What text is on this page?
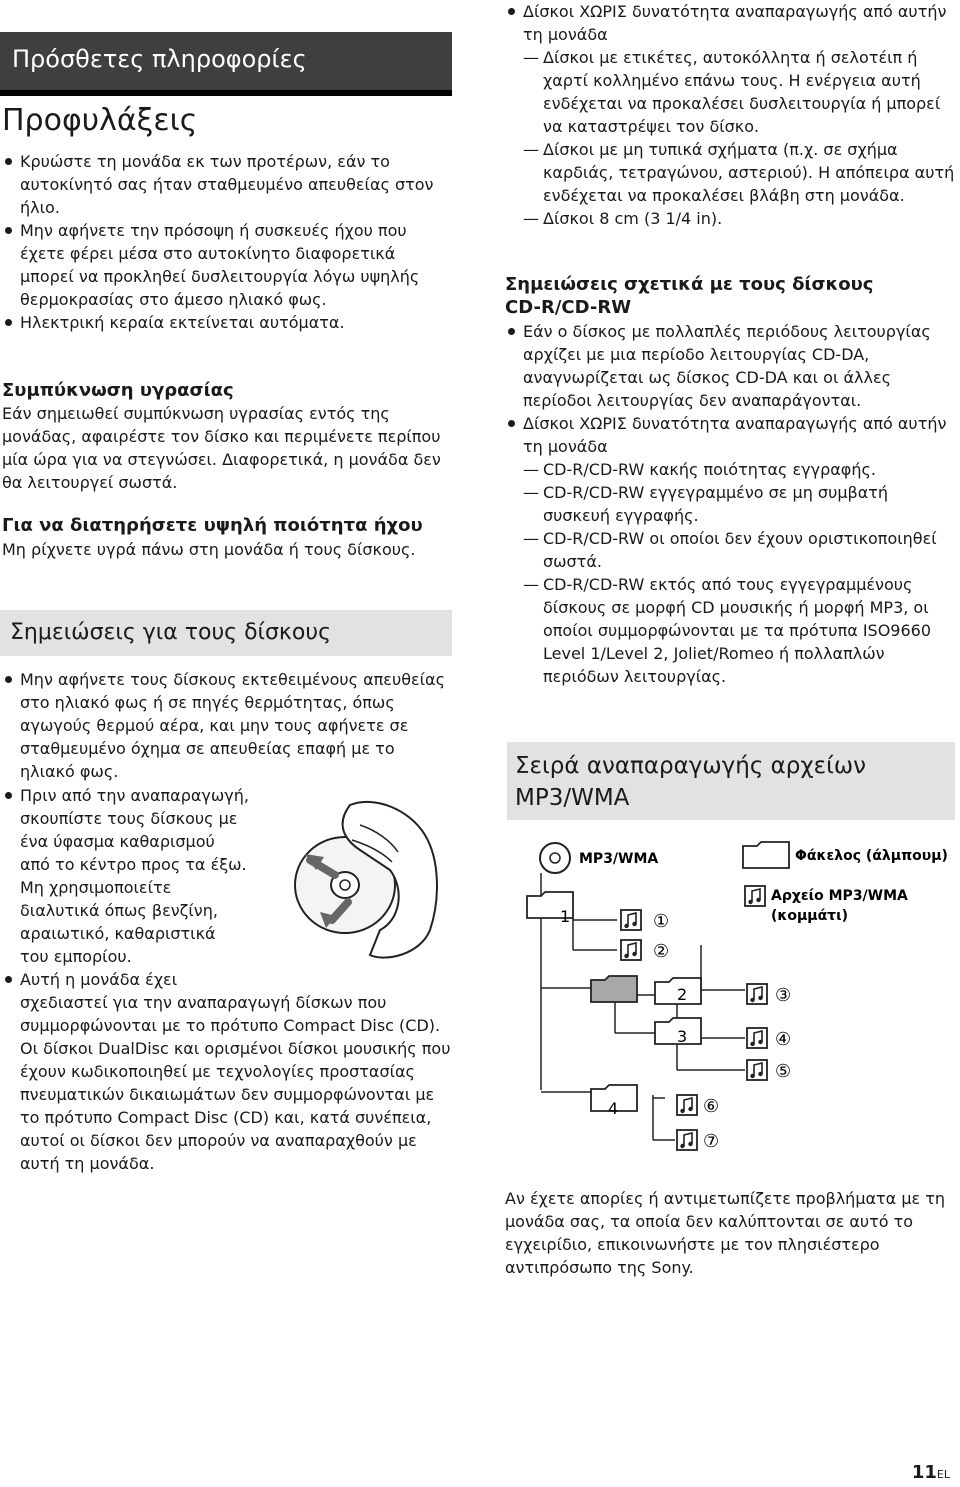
Πρόσθετες πληροφορίες
Προφυλάξεις
Κρυώστε τη μονάδα εκ των προτέρων, εάν το αυτοκίνητό σας ήταν σταθμευμένο απευθείας στον ήλιο.
Μην αφήνετε την πρόσοψη ή συσκευές ήχου που έχετε φέρει μέσα στο αυτοκίνητο διαφορετικά μπορεί να προκληθεί δυσλειτουργία λόγω υψηλής θερμοκρασίας στο άμεσο ηλιακό φως.
Ηλεκτρική κεραία εκτείνεται αυτόματα.
Συμπύκνωση υγρασίας
Εάν σημειωθεί συμπύκνωση υγρασίας εντός της μονάδας, αφαιρέστε τον δίσκο και περιμένετε περίπου μία ώρα για να στεγνώσει. Διαφορετικά, η μονάδα δεν θα λειτουργεί σωστά.
Για να διατηρήσετε υψηλή ποιότητα ήχου
Μη ρίχνετε υγρά πάνω στη μονάδα ή τους δίσκους.
Σημειώσεις για τους δίσκους
Μην αφήνετε τους δίσκους εκτεθειμένους απευθείας στο ηλιακό φως ή σε πηγές θερμότητας, όπως αγωγούς θερμού αέρα, και μην τους αφήνετε σε σταθμευμένο όχημα σε απευθείας επαφή με το ηλιακό φως.
Πριν από την αναπαραγωγή,
σκουπίστε τους δίσκους με
ένα ύφασμα καθαρισμού
από το κέντρο προς τα έξω.
Μη χρησιμοποιείτε
διαλυτικά όπως βενζίνη,
αραιωτικό, καθαριστικά
του εμπορίου.
Αυτή η μονάδα έχει
σχεδιαστεί για την αναπαραγωγή δίσκων που συμμορφώνονται με το πρότυπο Compact Disc (CD). Οι δίσκοι DualDisc και ορισμένοι δίσκοι μουσικής που έχουν κωδικοποιηθεί με τεχνολογίες προστασίας πνευματικών δικαιωμάτων δεν συμμορφώνονται με το πρότυπο Compact Disc (CD) και, κατά συνέπεια, αυτοί οι δίσκοι δεν μπορούν να αναπαραχθούν με αυτή τη μονάδα.
Δίσκοι ΧΩΡΙΣ δυνατότητα αναπαραγωγής από αυτήν τη μονάδα
— Δίσκοι με ετικέτες, αυτοκόλλητα ή σελοτέιπ ή χαρτί κολλημένο επάνω τους. Η ενέργεια αυτή ενδέχεται να προκαλέσει δυσλειτουργία ή μπορεί να καταστρέψει τον δίσκο.
— Δίσκοι με μη τυπικά σχήματα (π.χ. σε σχήμα καρδιάς, τετραγώνου, αστεριού). Η απόπειρα αυτή ενδέχεται να προκαλέσει βλάβη στη μονάδα.
— Δίσκοι 8 cm (3 1/4 in).
Σημειώσεις σχετικά με τους δίσκους
CD-R/CD-RW
Εάν ο δίσκος με πολλαπλές περιόδους λειτουργίας αρχίζει με μια περίοδο λειτουργίας CD-DA, αναγνωρίζεται ως δίσκος CD-DA και οι άλλες περίοδοι λειτουργίας δεν αναπαράγονται.
Δίσκοι ΧΩΡΙΣ δυνατότητα αναπαραγωγής από αυτήν τη μονάδα
— CD-R/CD-RW κακής ποιότητας εγγραφής.
— CD-R/CD-RW εγγεγραμμένο σε μη συμβατή συσκευή εγγραφής.
— CD-R/CD-RW οι οποίοι δεν έχουν οριστικοποιηθεί σωστά.
— CD-R/CD-RW εκτός από τους εγγεγραμμένους δίσκους σε μορφή CD μουσικής ή μορφή MP3, οι οποίοι συμμορφώνονται με τα πρότυπα ISO9660 Level 1/Level 2, Joliet/Romeo ή πολλαπλών περιόδων λειτουργίας.
Σειρά αναπαραγωγής αρχείων
MP3/WMA
MP3/WMA	Φάκελος (άλμπουμ)
Αρχείο MP3/WMA
(κομμάτι)
1
2
3
4
①
②
③
④
⑤
⑥
⑦
Αν έχετε απορίες ή αντιμετωπίζετε προβλήματα με τη μονάδα σας, τα οποία δεν καλύπτονται σε αυτό το εγχειρίδιο, επικοινωνήστε με τον πλησιέστερο αντιπρόσωπο της Sony.
11EL
